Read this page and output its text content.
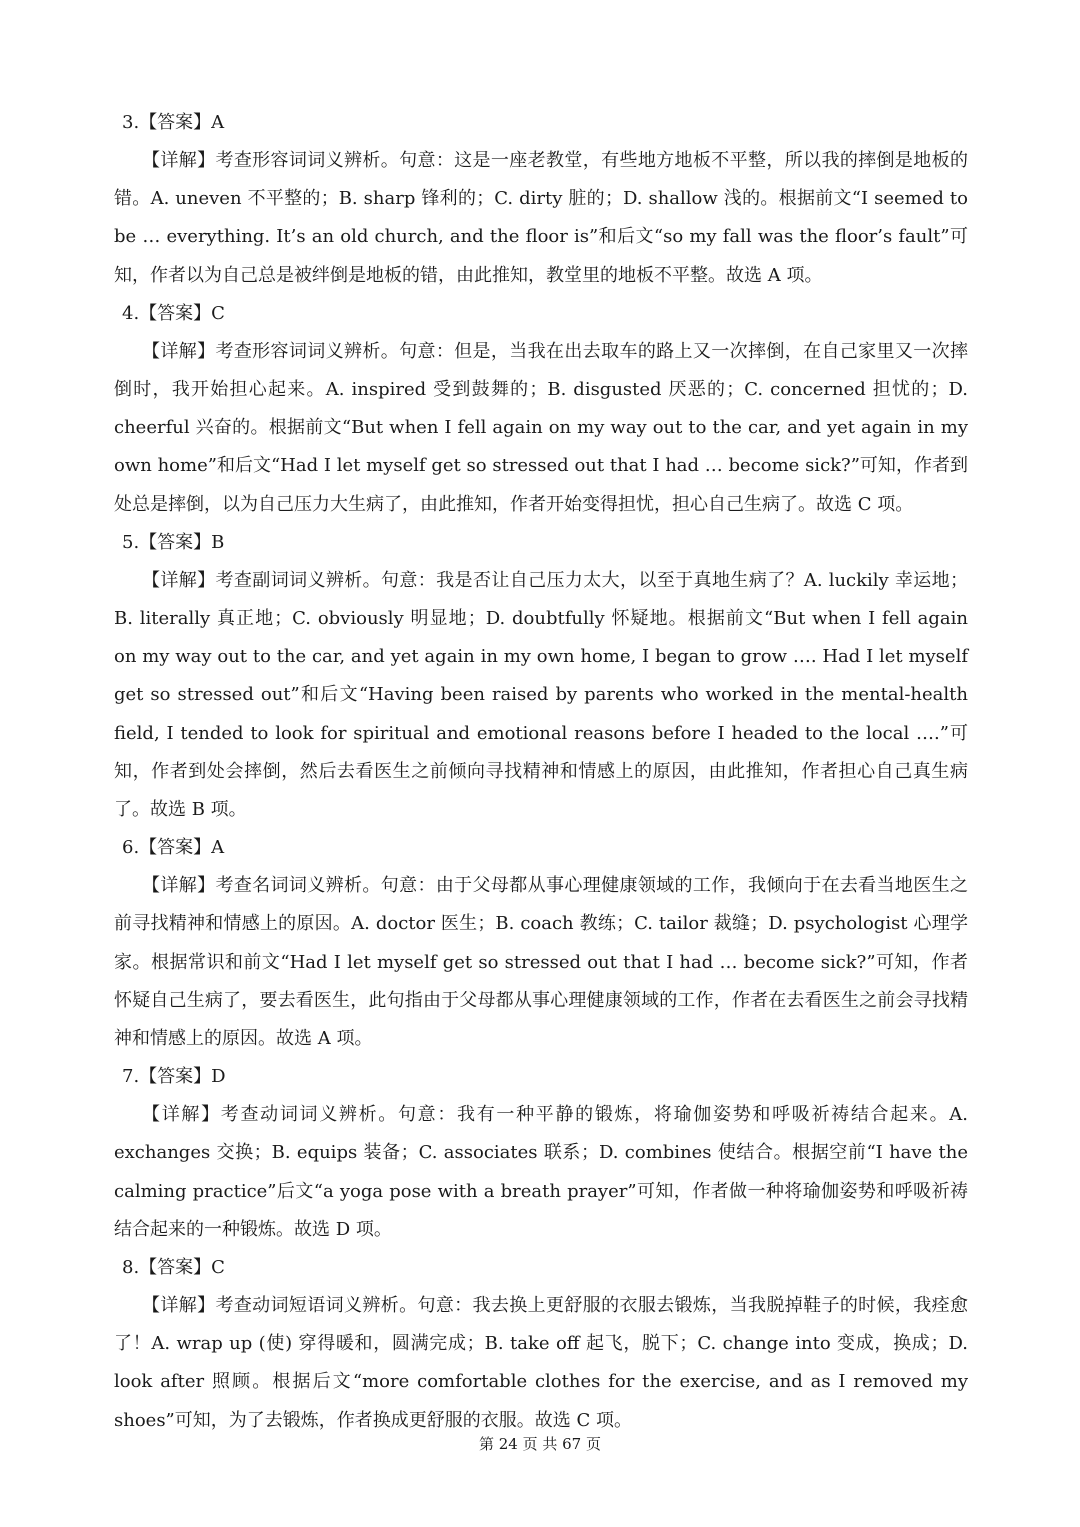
3.【答案】A

【详解】考查形容词词义辨析。句意：这是一座老教堂，有些地方地板不平整，所以我的摔倒是地板的错。A. uneven 不平整的；B. sharp 锋利的；C. dirty 脏的；D. shallow 浅的。根据前文“I seemed to be … everything. It’s an old church, and the floor is”和后文“so my fall was the floor’s fault”可知，作者以为自己总是被绊倒是地板的错，由此推知，教堂里的地板不平整。故选 A 项。

4.【答案】C

【详解】考查形容词词义辨析。句意：但是，当我在出去取车的路上又一次摔倒，在自己家里又一次摔倒时，我开始担心起来。A. inspired 受到鼓舞的；B. disgusted 厌恶的；C. concerned 担忧的；D. cheerful 兴奋的。根据前文“But when I fell again on my way out to the car, and yet again in my own home”和后文“Had I let myself get so stressed out that I had … become sick?”可知，作者到处总是摔倒，以为自己压力大生病了，由此推知，作者开始变得担忧，担心自己生病了。故选 C 项。

5.【答案】B

【详解】考查副词词义辨析。句意：我是否让自己压力太大，以至于真地生病了？A. luckily 幸运地；B. literally 真正地；C. obviously 明显地；D. doubtfully 怀疑地。根据前文“But when I fell again on my way out to the car, and yet again in my own home, I began to grow …. Had I let myself get so stressed out”和后文“Having been raised by parents who worked in the mental-health field, I tended to look for spiritual and emotional reasons before I headed to the local ….”可知，作者到处会摔倒，然后去看医生之前倾向寻找精神和情感上的原因，由此推知，作者担心自己真生病了。故选 B 项。

6.【答案】A

【详解】考查名词词义辨析。句意：由于父母都从事心理健康领域的工作，我倾向于在去看当地医生之前寻找精神和情感上的原因。A. doctor 医生；B. coach 教练；C. tailor 裁缝；D. psychologist 心理学家。根据常识和前文“Had I let myself get so stressed out that I had … become sick?”可知，作者怀疑自己生病了，要去看医生，此句指由于父母都从事心理健康领域的工作，作者在去看医生之前会寻找精神和情感上的原因。故选 A 项。

7.【答案】D

【详解】考查动词词义辨析。句意：我有一种平静的锻炼，将瑜伽姿势和呼吸祈祷结合起来。A. exchanges 交换；B. equips 装备；C. associates 联系；D. combines 使结合。根据空前“I have the calming practice”后文“a yoga pose with a breath prayer”可知，作者做一种将瑜伽姿势和呼吸祈祷结合起来的一种锻炼。故选 D 项。

8.【答案】C

【详解】考查动词短语词义辨析。句意：我去换上更舒服的衣服去锻炼，当我脱掉鞋子的时候，我痊愈了！A. wrap up (使) 穿得暖和，圆满完成；B. take off 起飞，脱下；C. change into 变成，换成；D. look after 照顾。根据后文“more comfortable clothes for the exercise, and as I removed my shoes”可知，为了去锻炼，作者换成更舒服的衣服。故选 C 项。

第 24 页 共 67 页
